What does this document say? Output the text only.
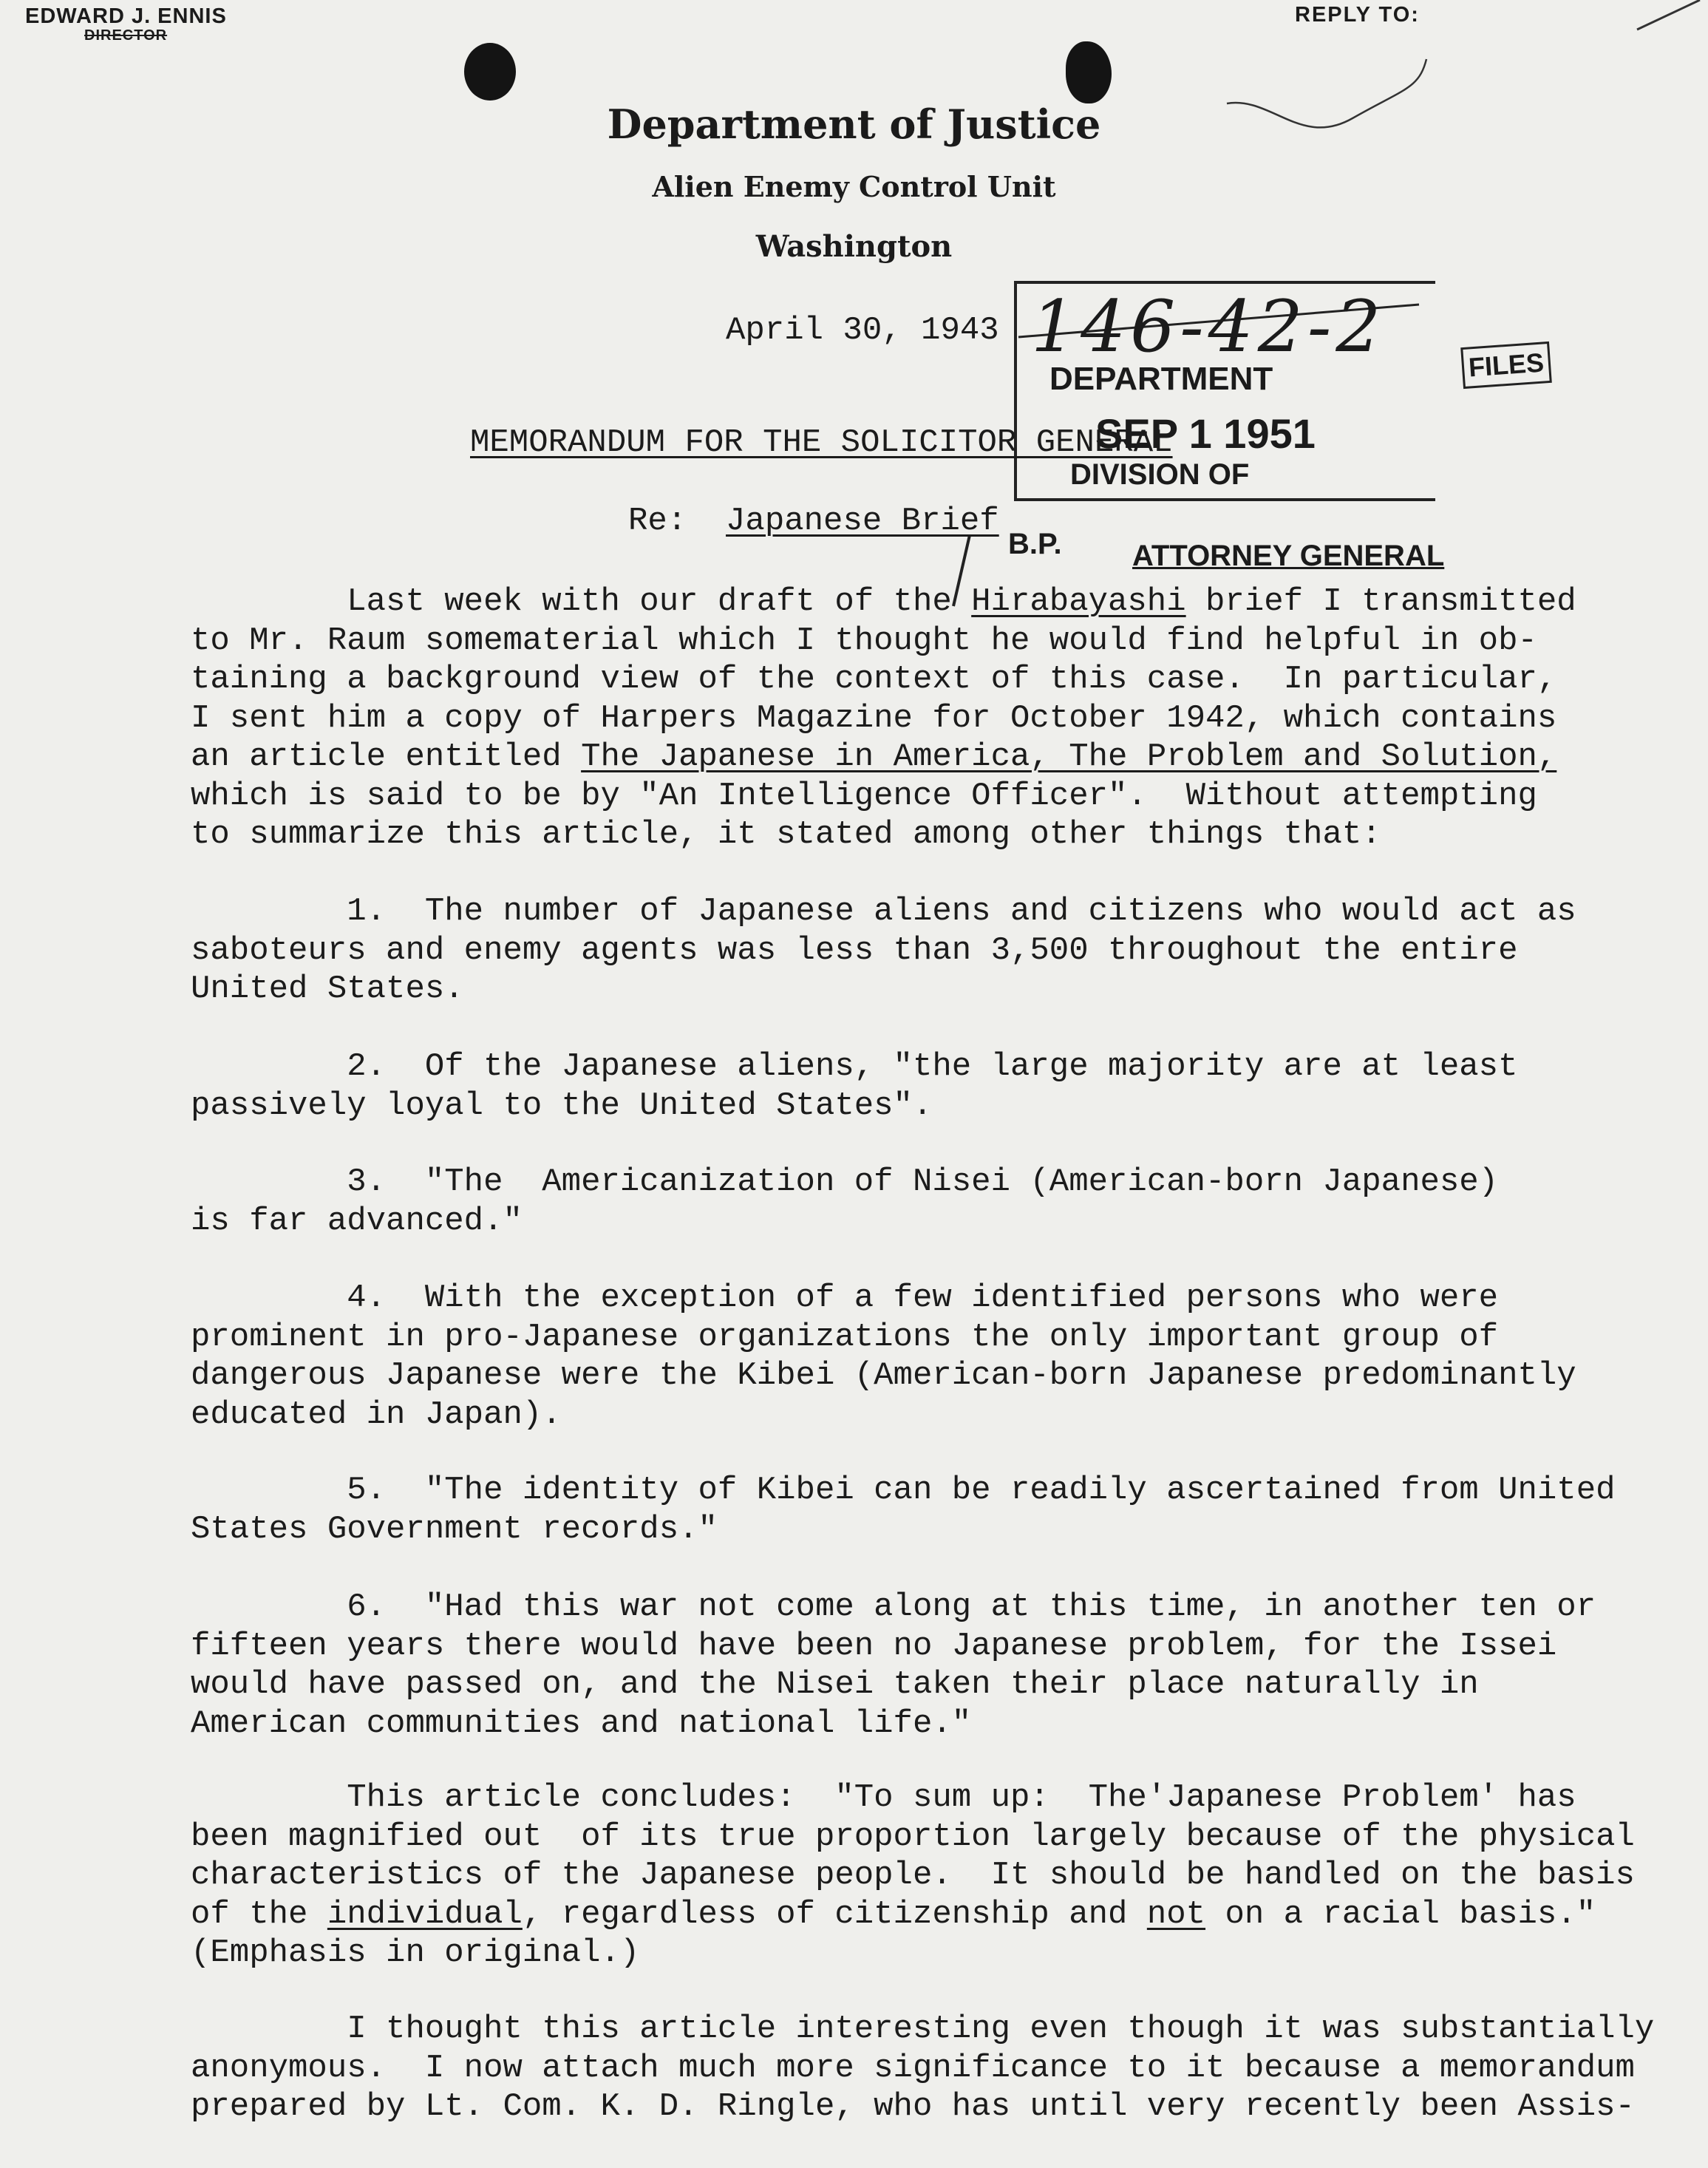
EDWARD J. ENNIS
DIRECTOR
REPLY TO:
Department of Justice
Alien Enemy Control Unit
Washington
146-42-2
DEPARTMENT
SEP 1 1951
DIVISION OF
FILES
April 30, 1943
MEMORANDUM FOR THE SOLICITOR GENERAL
Re: Japanese Brief
B.P. ATTORNEY GENERAL
Last week with our draft of the Hirabayashi brief I transmitted
to Mr. Raum somematerial which I thought he would find helpful in ob-
taining a background view of the context of this case.  In particular,
I sent him a copy of Harpers Magazine for October 1942, which contains
an article entitled The Japanese in America, The Problem and Solution,
which is said to be by "An Intelligence Officer".  Without attempting
to summarize this article, it stated among other things that:
1.  The number of Japanese aliens and citizens who would act as
saboteurs and enemy agents was less than 3,500 throughout the entire
United States.
2.  Of the Japanese aliens, "the large majority are at least
passively loyal to the United States".
3.  "The  Americanization of Nisei (American-born Japanese)
is far advanced."
4.  With the exception of a few identified persons who were
prominent in pro-Japanese organizations the only important group of
dangerous Japanese were the Kibei (American-born Japanese predominantly
educated in Japan).
5.  "The identity of Kibei can be readily ascertained from United
States Government records."
6.  "Had this war not come along at this time, in another ten or
fifteen years there would have been no Japanese problem, for the Issei
would have passed on, and the Nisei taken their place naturally in
American communities and national life."
This article concludes:  "To sum up:  The'Japanese Problem' has
been magnified out  of its true proportion largely because of the physical
characteristics of the Japanese people.  It should be handled on the basis
of the individual, regardless of citizenship and not on a racial basis."
(Emphasis in original.)
I thought this article interesting even though it was substantially
anonymous.  I now attach much more significance to it because a memorandum
prepared by Lt. Com. K. D. Ringle, who has until very recently been Assis-
